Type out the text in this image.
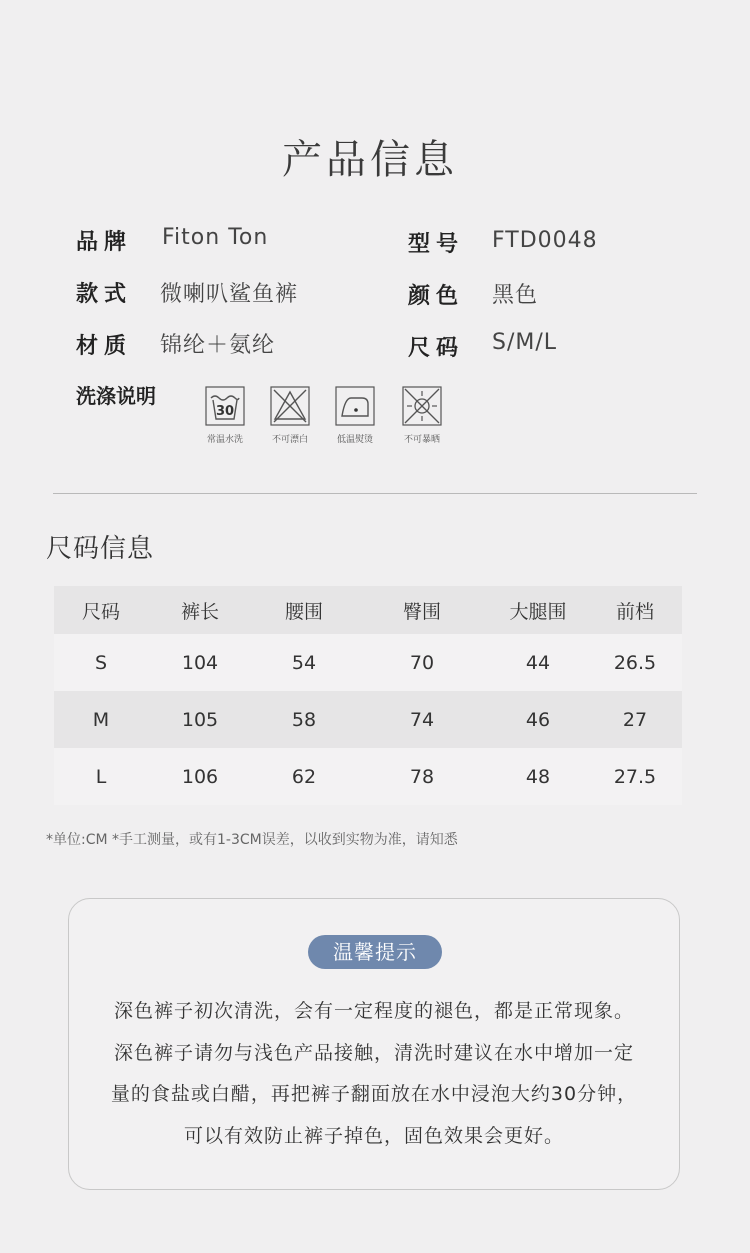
产品信息
品牌 Fiton Ton	型号 FTD0048
款式 微喇叭鲨鱼裤	颜色 黑色
材质 锦纶＋氨纶	尺码 S/M/L
洗涤说明
30
常温水洗	不可漂白	低温熨烫	不可暴晒
尺码信息
尺码	裤长	腰围	臀围	大腿围	前档
S	104	54	70	44	26.5
M	105	58	74	46	27
L	106	62	78	48	27.5
*单位:CM *手工测量，或有1-3CM误差，以收到实物为准，请知悉
温馨提示
深色裤子初次清洗，会有一定程度的褪色，都是正常现象。
深色裤子请勿与浅色产品接触，清洗时建议在水中增加一定
量的食盐或白醋，再把裤子翻面放在水中浸泡大约30分钟，
可以有效防止裤子掉色，固色效果会更好。
